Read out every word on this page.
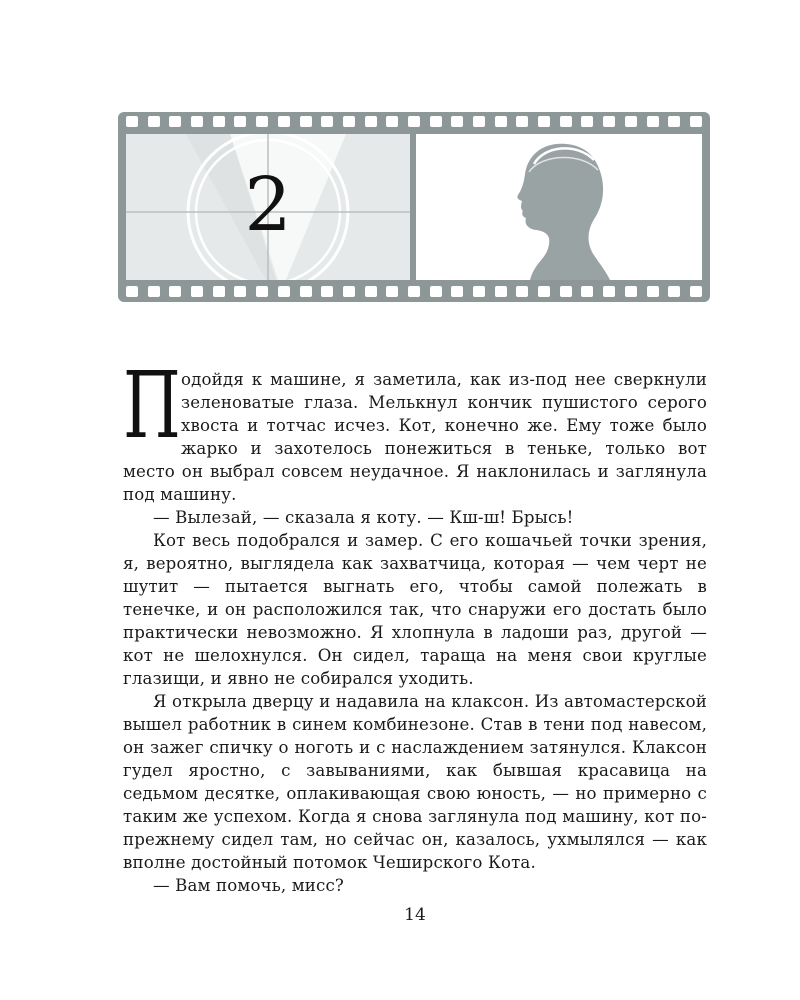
2

Подойдя к машине, я заметила, как из-под нее сверкнули зеленоватые глаза. Мелькнул кончик пушистого серого хвоста и тотчас исчез. Кот, конечно же. Ему тоже было жарко и захотелось понежиться в теньке, только вот место он выбрал совсем неудачное. Я наклонилась и заглянула под машину.

— Вылезай, — сказала я коту. — Кш-ш! Брысь!

Кот весь подобрался и замер. С его кошачьей точки зрения, я, вероятно, выглядела как захватчица, которая — чем черт не шутит — пытается выгнать его, чтобы самой полежать в тенечке, и он расположился так, что снаружи его достать было практически невозможно. Я хлопнула в ладоши раз, другой — кот не шелохнулся. Он сидел, тараща на меня свои круглые глазищи, и явно не собирался уходить.

Я открыла дверцу и надавила на клаксон. Из автомастерской вышел работник в синем комбинезоне. Став в тени под навесом, он зажег спичку о ноготь и с наслаждением затянулся. Клаксон гудел яростно, с завываниями, как бывшая красавица на седьмом десятке, оплакивающая свою юность, — но примерно с таким же успехом. Когда я снова заглянула под машину, кот по-прежнему сидел там, но сейчас он, казалось, ухмылялся — как вполне достойный потомок Чеширского Кота.

— Вам помочь, мисс?

14
